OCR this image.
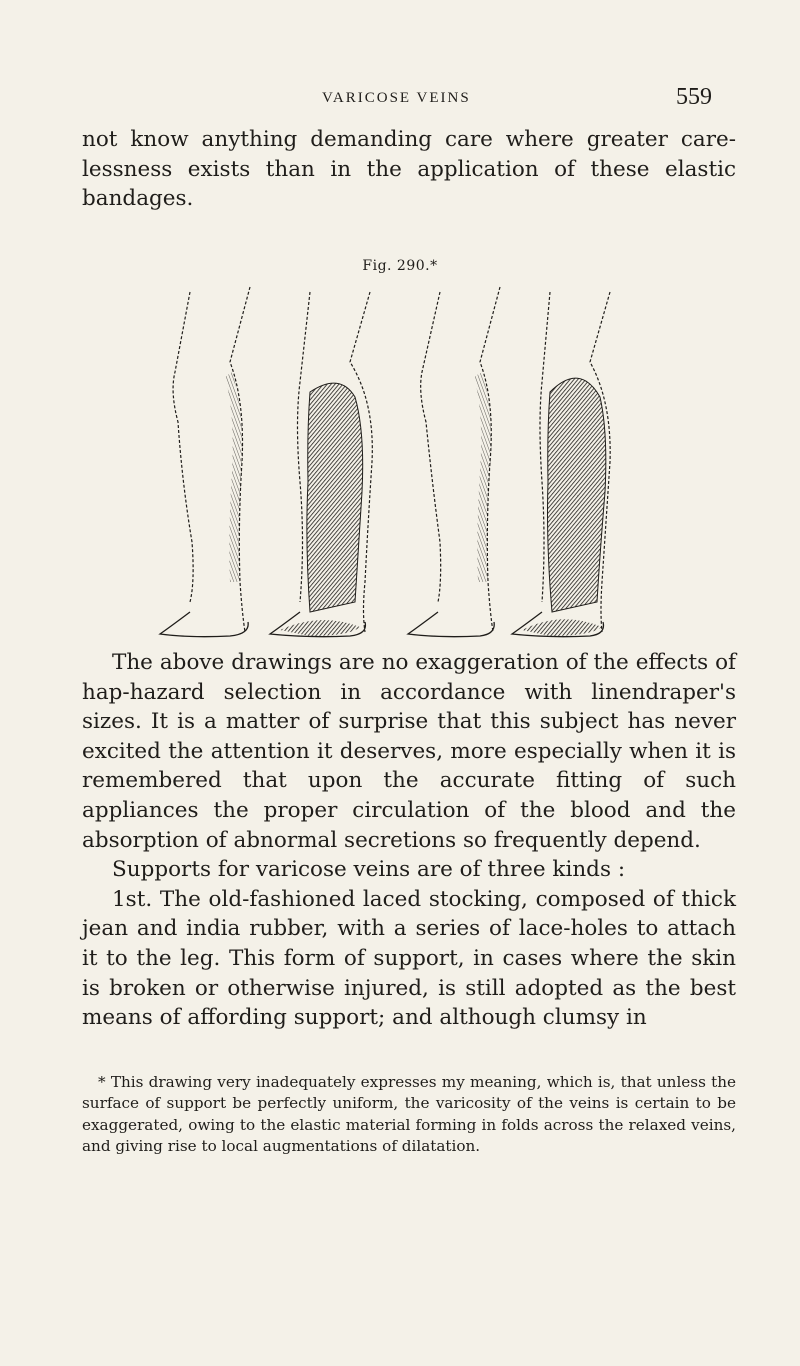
VARICOSE VEINS	559

not know anything demanding care where greater care-lessness exists than in the application of these elastic bandages.

Fig. 290.*
The above drawings are no exaggeration of the effects of hap-hazard selection in accordance with linendraper's sizes. It is a matter of surprise that this subject has never excited the attention it deserves, more especially when it is remembered that upon the accurate fitting of such appliances the proper circulation of the blood and the absorption of abnormal secretions so frequently depend.
Supports for varicose veins are of three kinds :
1st. The old-fashioned laced stocking, composed of thick jean and india rubber, with a series of lace-holes to attach it to the leg. This form of support, in cases where the skin is broken or otherwise injured, is still adopted as the best means of affording support; and although clumsy in
* This drawing very inadequately expresses my meaning, which is, that unless the surface of support be perfectly uniform, the varicosity of the veins is certain to be exaggerated, owing to the elastic material forming in folds across the relaxed veins, and giving rise to local augmentations of dilatation.
